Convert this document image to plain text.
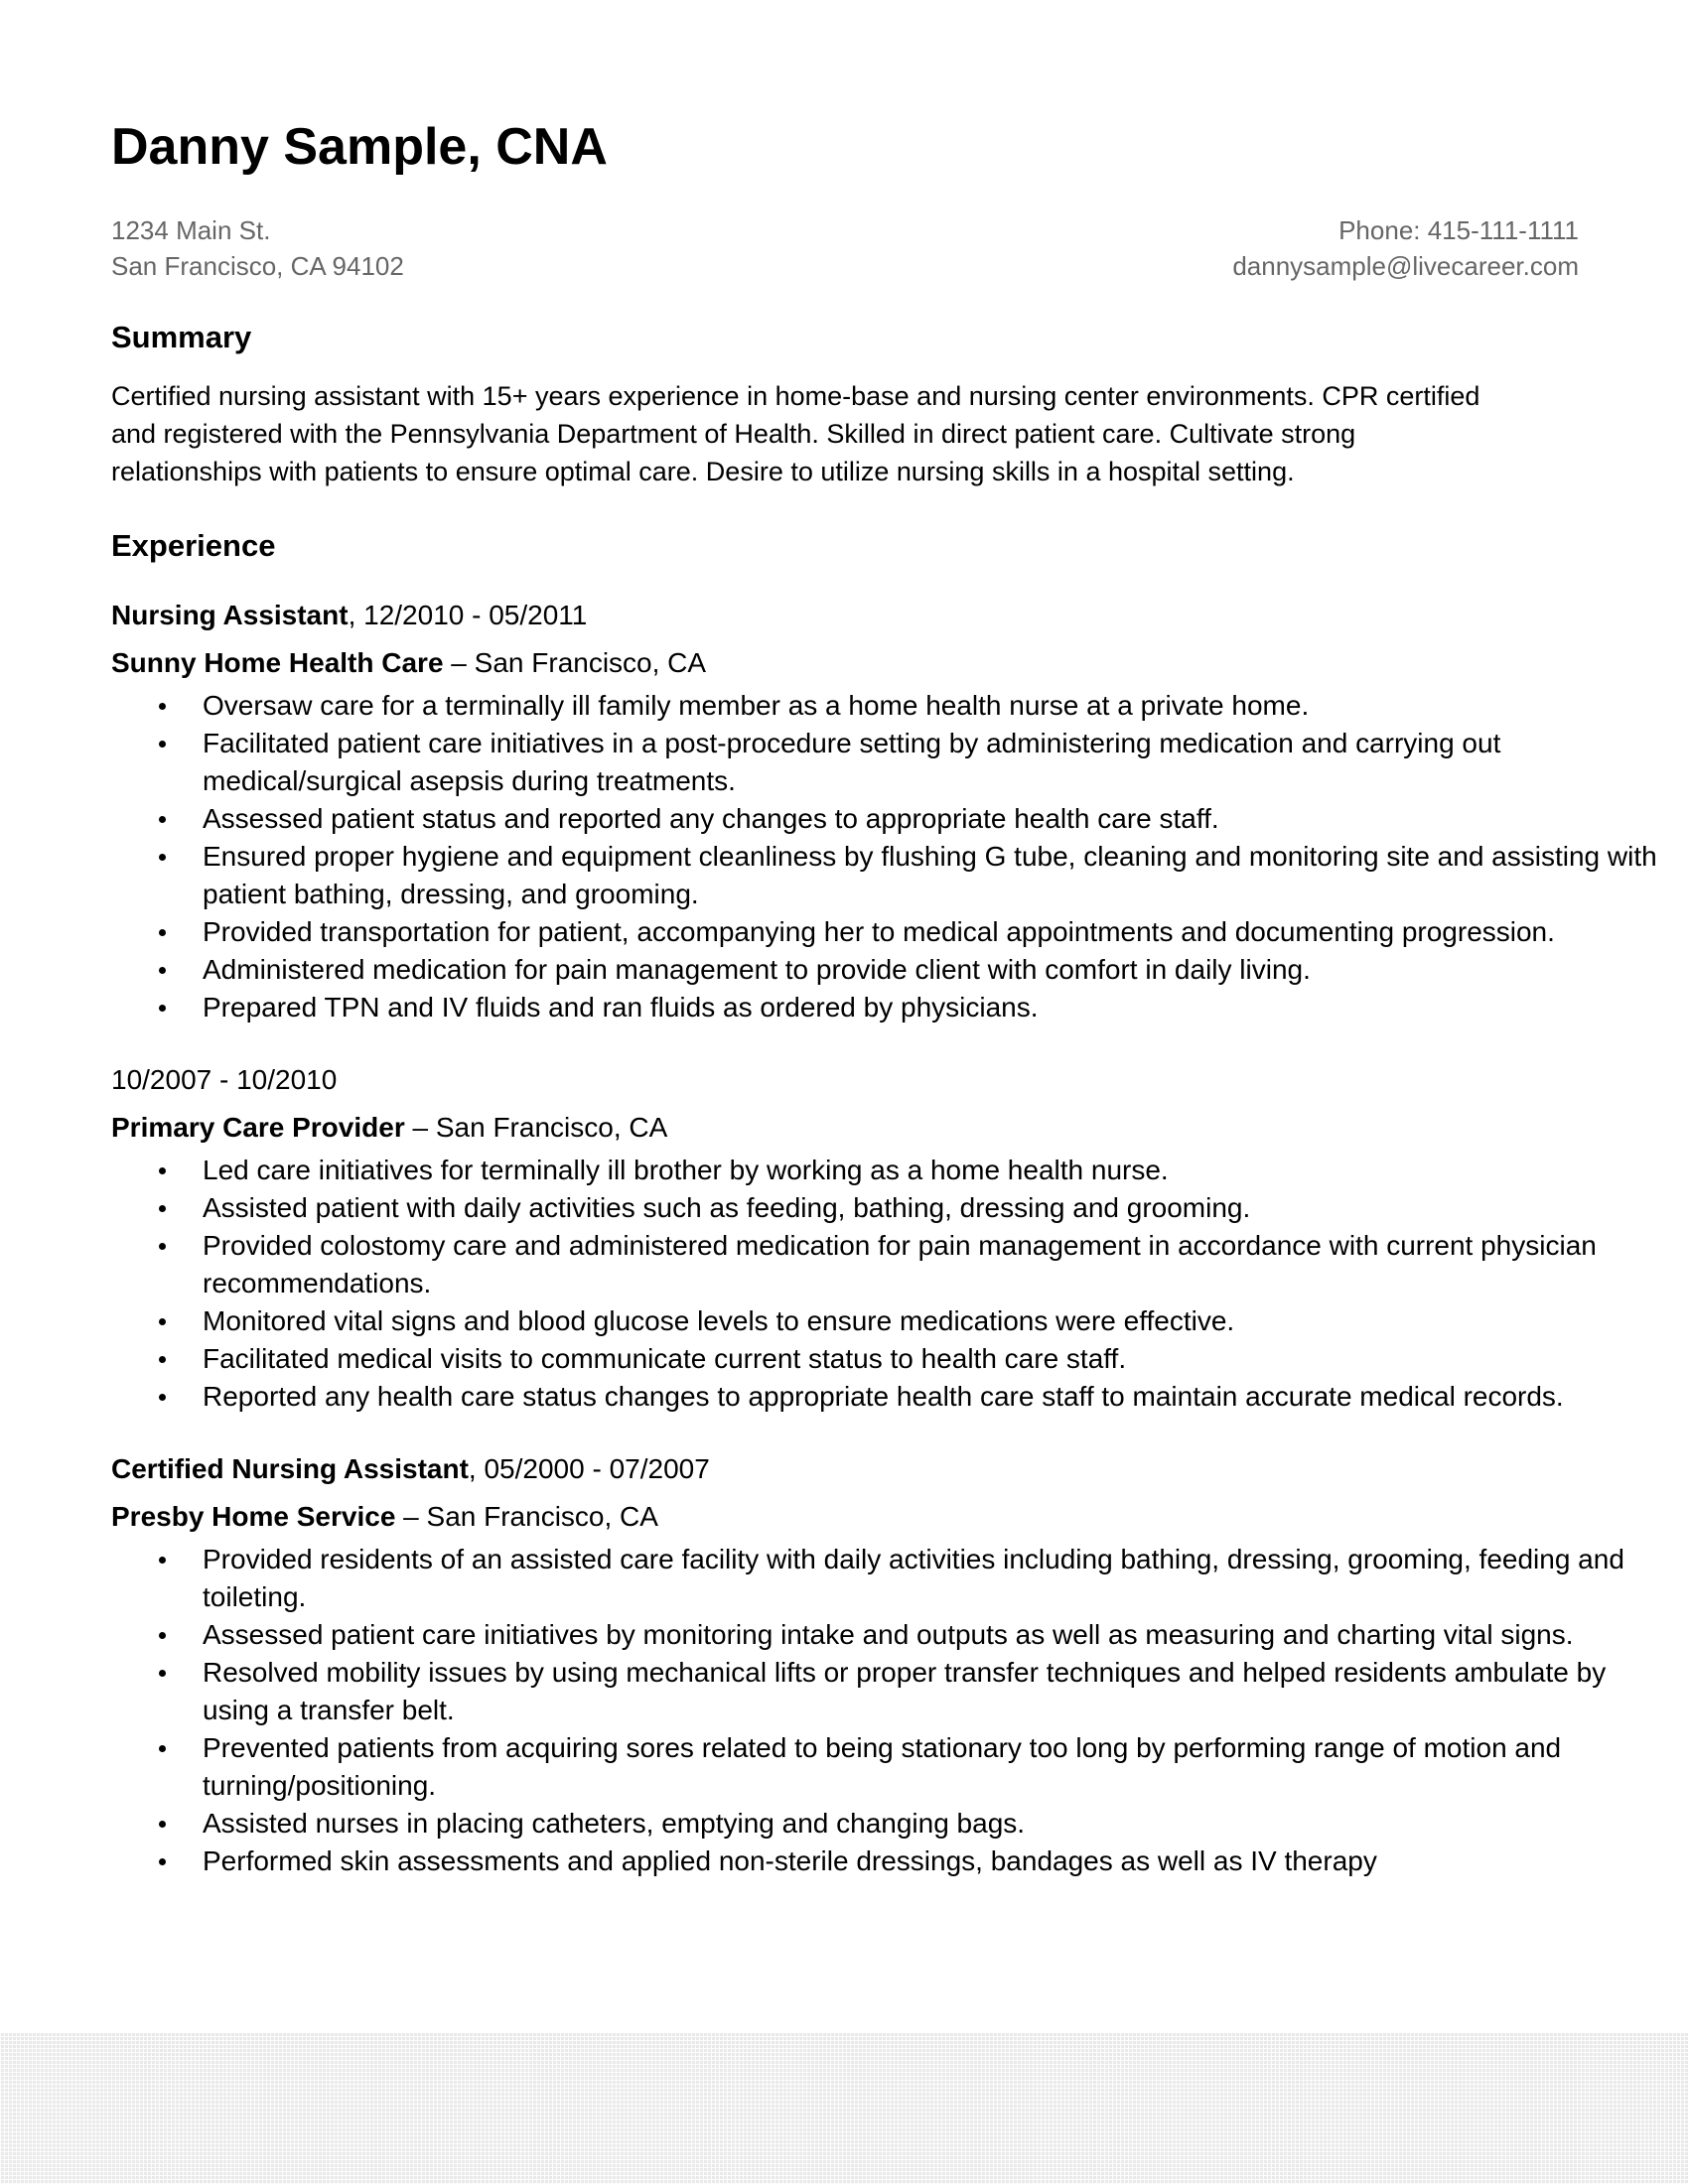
Danny Sample, CNA
1234 Main St.
San Francisco, CA 94102
Phone: 415-111-1111
dannysample@livecareer.com
Summary
Certified nursing assistant with 15+ years experience in home-base and nursing center environments. CPR certified and registered with the Pennsylvania Department of Health. Skilled in direct patient care. Cultivate strong relationships with patients to ensure optimal care. Desire to utilize nursing skills in a hospital setting.
Experience
Nursing Assistant, 12/2010 - 05/2011
Sunny Home Health Care – San Francisco, CA
Oversaw care for a terminally ill family member as a home health nurse at a private home.
Facilitated patient care initiatives in a post-procedure setting by administering medication and carrying out medical/surgical asepsis during treatments.
Assessed patient status and reported any changes to appropriate health care staff.
Ensured proper hygiene and equipment cleanliness by flushing G tube, cleaning and monitoring site and assisting with patient bathing, dressing, and grooming.
Provided transportation for patient, accompanying her to medical appointments and documenting progression.
Administered medication for pain management to provide client with comfort in daily living.
Prepared TPN and IV fluids and ran fluids as ordered by physicians.
10/2007 - 10/2010
Primary Care Provider – San Francisco, CA
Led care initiatives for terminally ill brother by working as a home health nurse.
Assisted patient with daily activities such as feeding, bathing, dressing and grooming.
Provided colostomy care and administered medication for pain management in accordance with current physician recommendations.
Monitored vital signs and blood glucose levels to ensure medications were effective.
Facilitated medical visits to communicate current status to health care staff.
Reported any health care status changes to appropriate health care staff to maintain accurate medical records.
Certified Nursing Assistant, 05/2000 - 07/2007
Presby Home Service – San Francisco, CA
Provided residents of an assisted care facility with daily activities including bathing, dressing, grooming, feeding and toileting.
Assessed patient care initiatives by monitoring intake and outputs as well as measuring and charting vital signs.
Resolved mobility issues by using mechanical lifts or proper transfer techniques and helped residents ambulate by using a transfer belt.
Prevented patients from acquiring sores related to being stationary too long by performing range of motion and turning/positioning.
Assisted nurses in placing catheters, emptying and changing bags.
Performed skin assessments and applied non-sterile dressings, bandages as well as IV therapy
